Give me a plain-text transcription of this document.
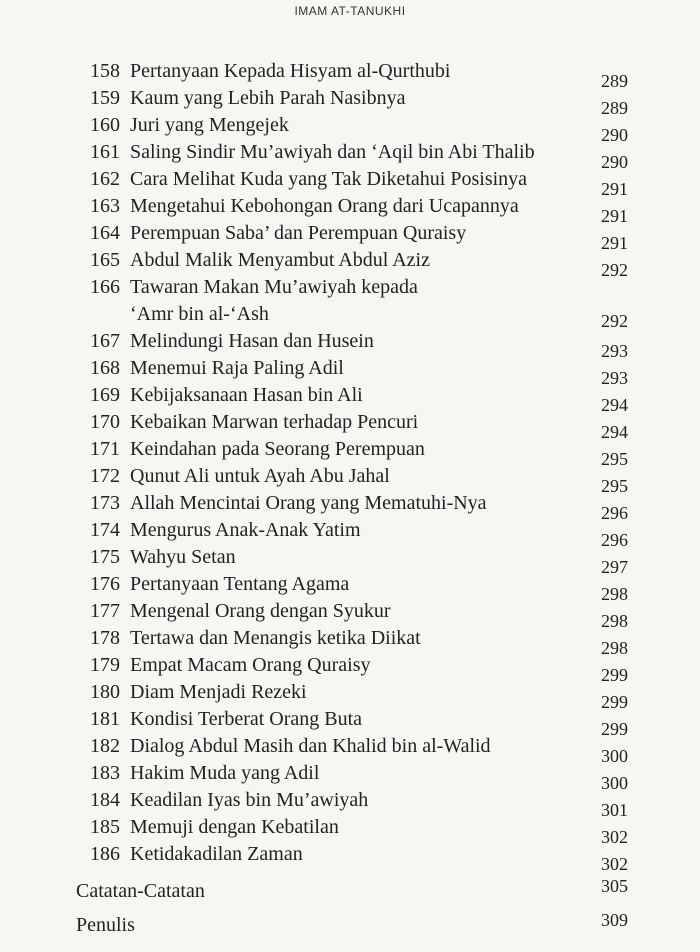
IMAM AT-TANUKHI
158 Pertanyaan Kepada Hisyam al-Qurthubi	289
159 Kaum yang Lebih Parah Nasibnya	289
160 Juri yang Mengejek	290
161 Saling Sindir Mu’awiyah dan ‘Aqil bin Abi Thalib	290
162 Cara Melihat Kuda yang Tak Diketahui Posisinya	291
163 Mengetahui Kebohongan Orang dari Ucapannya	291
164 Perempuan Saba’ dan Perempuan Quraisy	291
165 Abdul Malik Menyambut Abdul Aziz	292
166 Tawaran Makan Mu’awiyah kepada
‘Amr bin al-‘Ash	292
167 Melindungi Hasan dan Husein	293
168 Menemui Raja Paling Adil	293
169 Kebijaksanaan Hasan bin Ali	294
170 Kebaikan Marwan terhadap Pencuri	294
171 Keindahan pada Seorang Perempuan	295
172 Qunut Ali untuk Ayah Abu Jahal	295
173 Allah Mencintai Orang yang Mematuhi-Nya	296
174 Mengurus Anak-Anak Yatim	296
175 Wahyu Setan	297
176 Pertanyaan Tentang Agama	298
177 Mengenal Orang dengan Syukur	298
178 Tertawa dan Menangis ketika Diikat	298
179 Empat Macam Orang Quraisy	299
180 Diam Menjadi Rezeki	299
181 Kondisi Terberat Orang Buta	299
182 Dialog Abdul Masih dan Khalid bin al-Walid	300
183 Hakim Muda yang Adil	300
184 Keadilan Iyas bin Mu’awiyah	301
185 Memuji dengan Kebatilan	302
186 Ketidakadilan Zaman	302
Catatan-Catatan	305
Penulis	309
